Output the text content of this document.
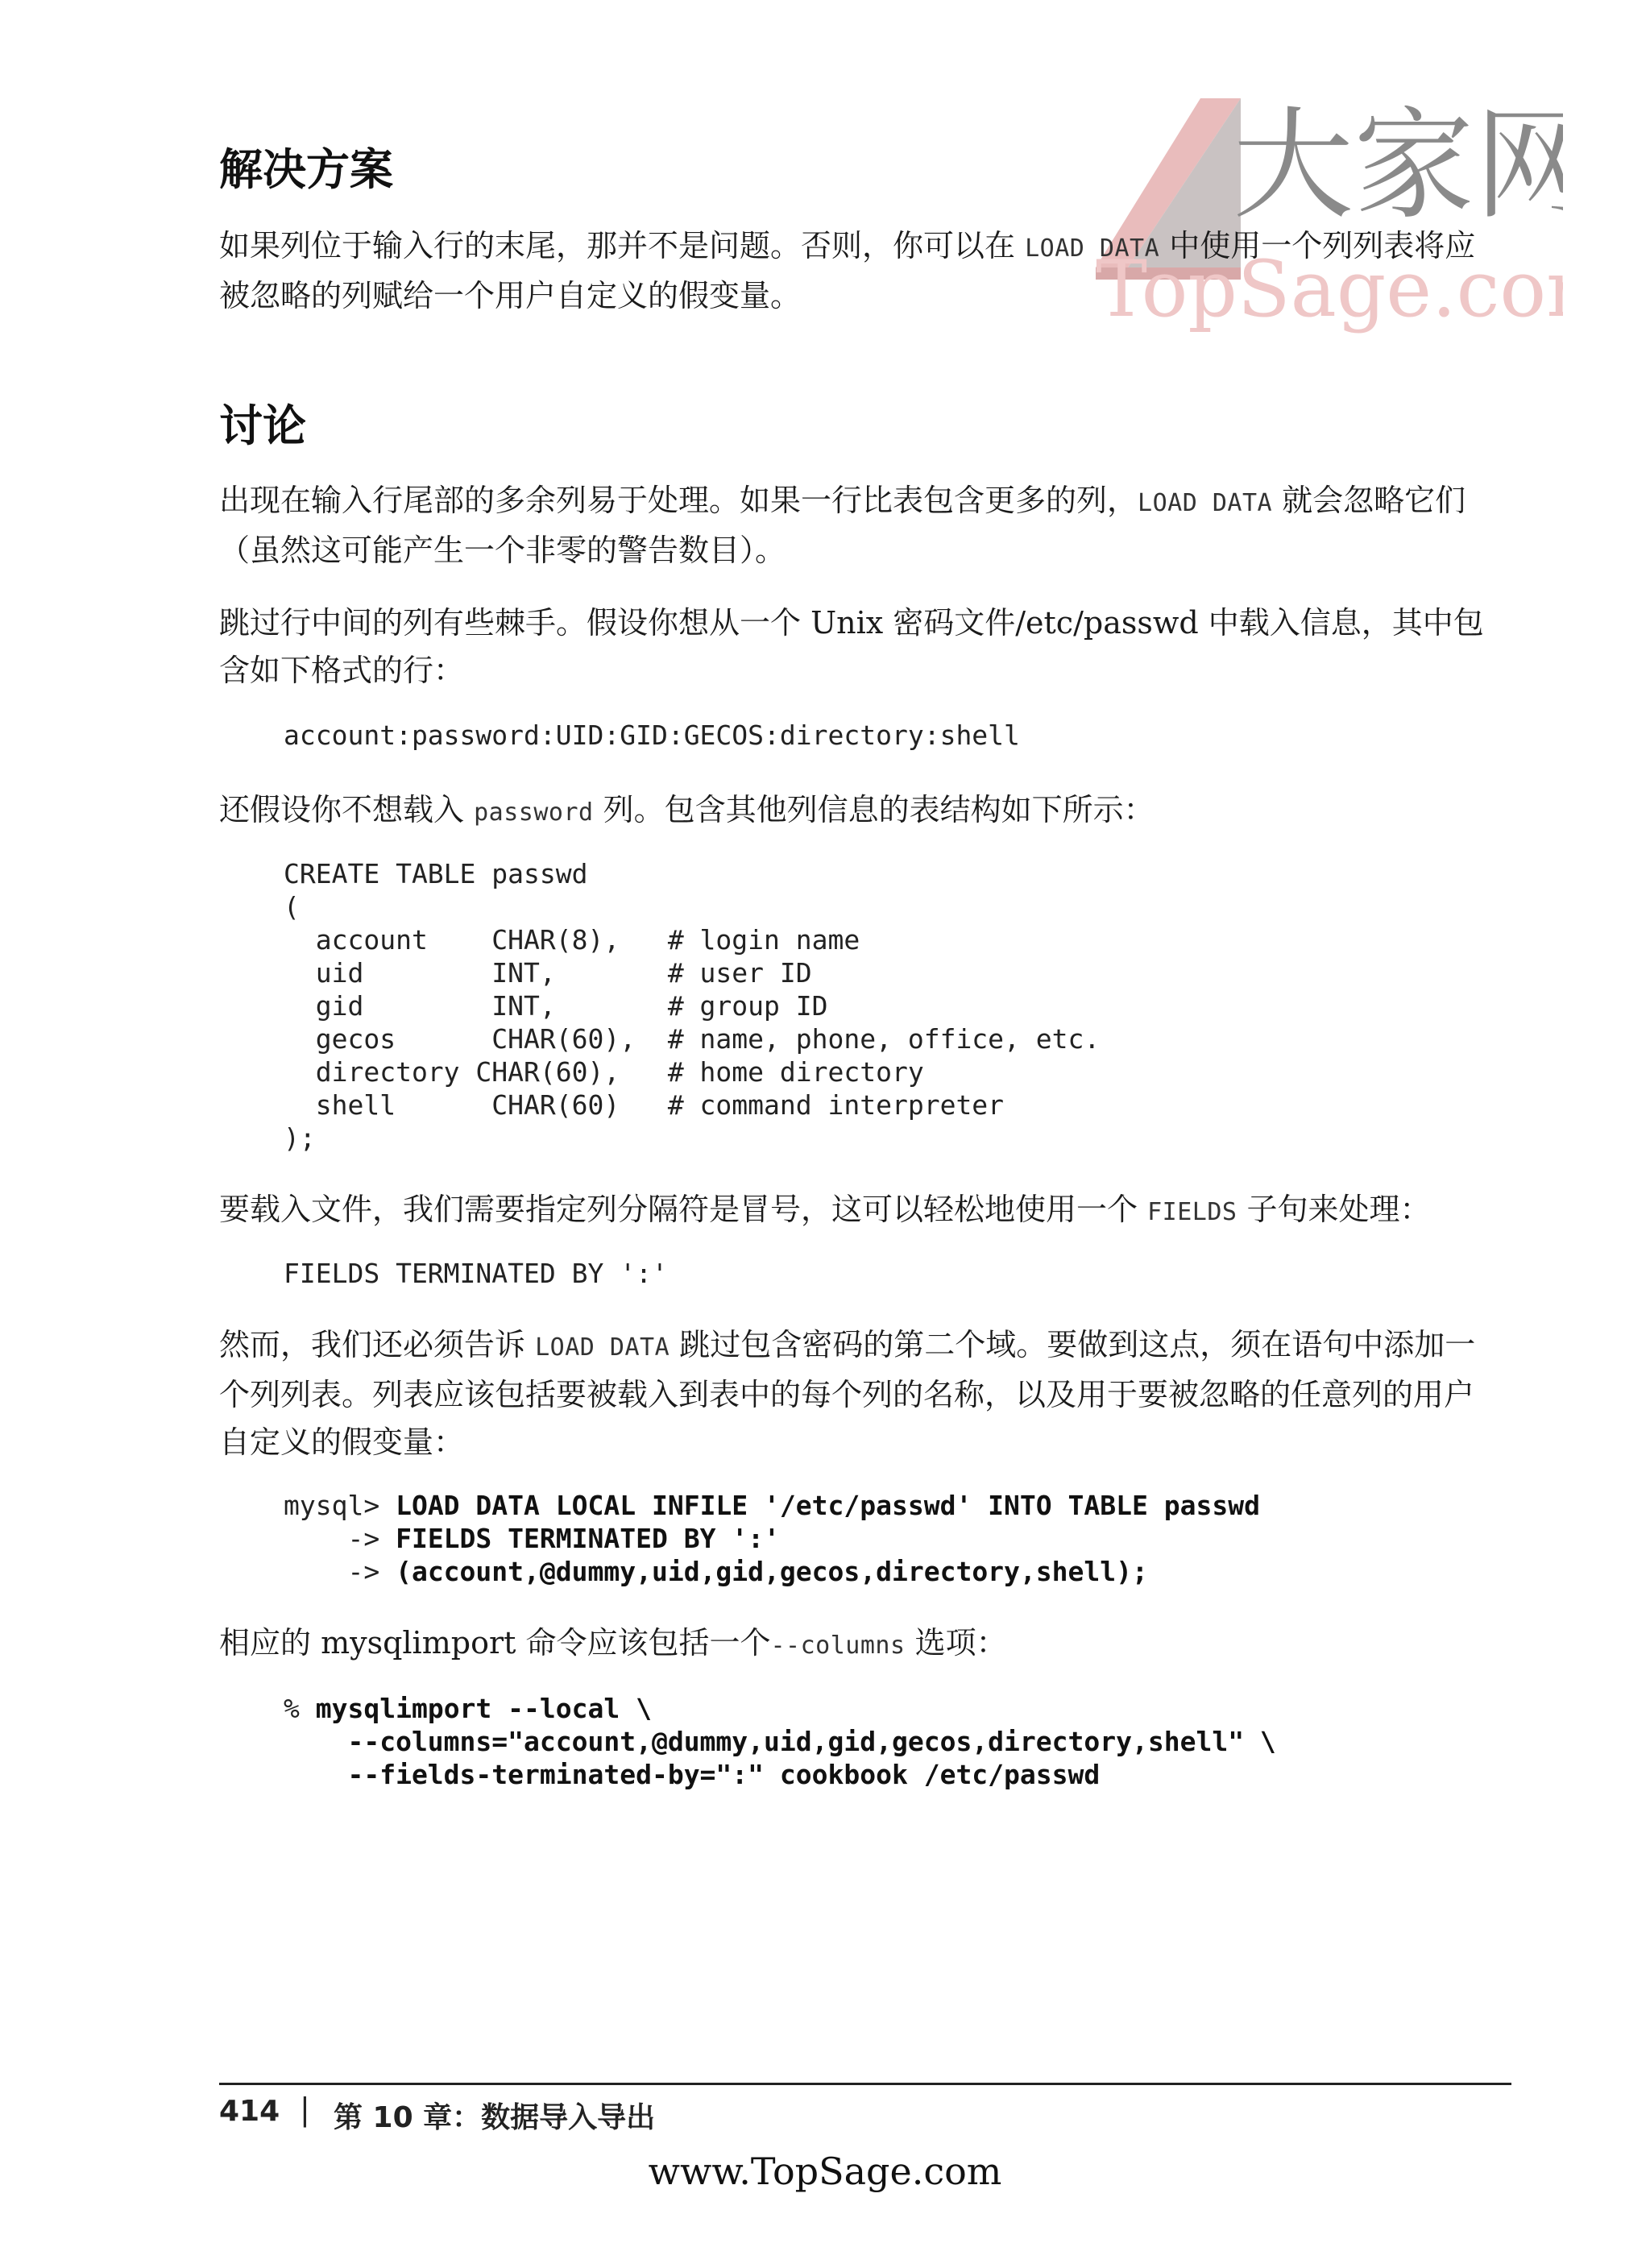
大家网
TopSage.co
解决方案

如果列位于输入行的末尾，那并不是问题。否则，你可以在 LOAD DATA 中使用一个列列表将应被忽略的列赋给一个用户自定义的假变量。

讨论

出现在输入行尾部的多余列易于处理。如果一行比表包含更多的列，LOAD DATA 就会忽略它们（虽然这可能产生一个非零的警告数目）。

跳过行中间的列有些棘手。假设你想从一个 Unix 密码文件/etc/passwd 中载入信息，其中包含如下格式的行：

account:password:UID:GID:GECOS:directory:shell

还假设你不想载入 password 列。包含其他列信息的表结构如下所示：

CREATE TABLE passwd
(
account    CHAR(8),   # login name
uid        INT,       # user ID
gid        INT,       # group ID
gecos      CHAR(60),  # name, phone, office, etc.
directory CHAR(60),   # home directory
shell      CHAR(60)   # command interpreter
);

要载入文件，我们需要指定列分隔符是冒号，这可以轻松地使用一个 FIELDS 子句来处理：

FIELDS TERMINATED BY ':'

然而，我们还必须告诉 LOAD DATA 跳过包含密码的第二个域。要做到这点，须在语句中添加一个列列表。列表应该包括要被载入到表中的每个列的名称，以及用于要被忽略的任意列的用户自定义的假变量：

mysql> LOAD DATA LOCAL INFILE '/etc/passwd' INTO TABLE passwd
-> FIELDS TERMINATED BY ':'
-> (account,@dummy,uid,gid,gecos,directory,shell);

相应的 mysqlimport 命令应该包括一个--columns 选项：

% mysqlimport --local \
--columns="account,@dummy,uid,gid,gecos,directory,shell" \
--fields-terminated-by=":" cookbook /etc/passwd
414 | 第 10 章：数据导入导出
www.TopSage.com
